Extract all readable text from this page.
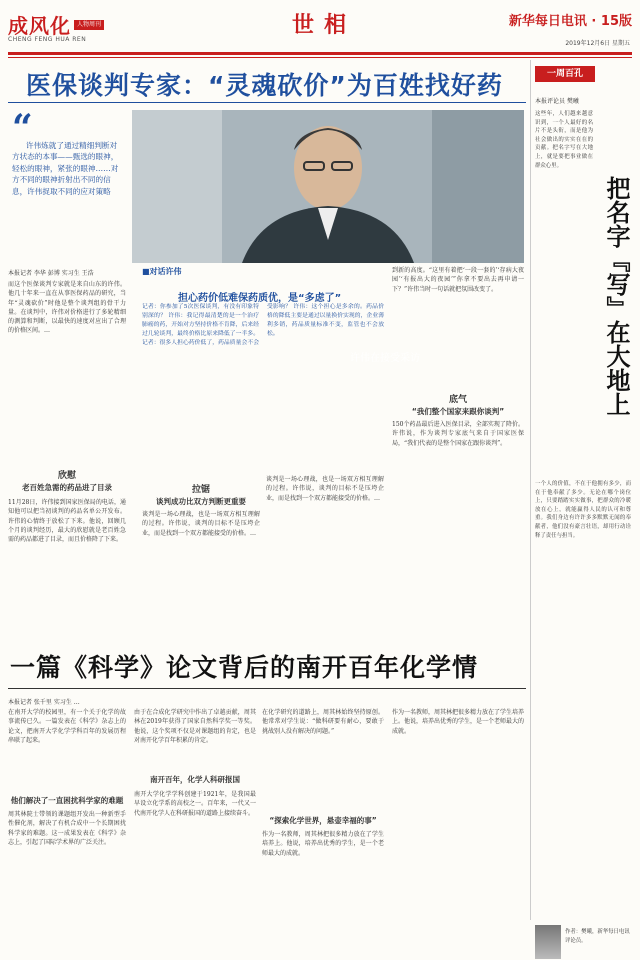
成风化	人物周刊
CHENG FENG HUA REN
世相	新华每日电讯 · 15版
2019年12月6日 星期五
医保谈判专家：“灵魂砍价”为百姓找好药
“
许伟炼就了通过精细判断对方状态的本事——甄选的眼神，轻松的眼神，紧张的眼神……对方不同的眼神折射出不同的信息，许伟捉取不同的应对策略
许伟在接受采访
本报记者 李华 彭博 实习生 王浩
而这个医保谈判专家就是来自山东的许伟。他几十年来一直在从事医保药品的研究，当年“灵魂砍价”时他是整个谈判组的骨干力量。在谈判中，许伟对价格进行了多轮精细的测算和判断，以最快的速度对应出了合理的价格区间。…
欣慰
老百姓急需的药品进了目录
11月28日，许伟接到国家医保局的电话，通知他可以把当初谈判的药品名单公开发布。许伟的心情终于放松了下来。他说，回顾几个月的谈判经历，最大的欣慰就是老百姓急需的药品都进了目录，而且价格降了下来。
■对话许伟
担心药价低难保药质优，是“多虑了”
记者：你参加了5次医保谈判，有没有印象特别深的？ 许伟：我记得最清楚的是一个治疗肺癌的药，开始对方坚持价格不肯降，后来经过几轮谈判，最终价格比原来降低了一半多。记者：很多人担心药价低了，药品质量会不会受影响？ 许伟：这个担心是多余的。药品价格的降低主要是通过以量换价实现的，企业薄利多销，药品质量标准不变，监管也不会放松。
拉锯
谈判成功比双方判断更重要
谈判是一场心理战，也是一场双方相互理解的过程。许伟说，谈判的目标不是压垮企业，而是找到一个双方都能接受的价格。…
谈判是一场心理战，也是一场双方相互理解的过程。许伟说，谈判的目标不是压垮企业，而是找到一个双方都能接受的价格。…
到新的高度。“这里有着把‘一段一套的’‘存病大夜园’‘有报出大的夜园’”你拿不要出去再申请一下？”许伟当时一句话就把氛围改变了。
底气
“我们整个国家来跟你谈判”
150个药品最后进入医保目录，全部实现了降价。许伟说，作为谈判专家底气来自于国家医保局，“我们代表的是整个国家在跟你谈判”。
一篇《科学》论文背后的南开百年化学情
本报记者 张千里 实习生 …
在南开大学的校园里，有一个关于化学的故事流传已久。一篇发表在《科学》杂志上的论文，把南开大学化学学科百年的发展历程串联了起来。
他们解决了一直困扰科学家的难题
周其林院士带领的课题组开发出一种新型手性催化剂，解决了有机合成中一个长期困扰科学家的难题。这一成果发表在《科学》杂志上，引起了国际学术界的广泛关注。
由于在合成化学研究中作出了卓越贡献，周其林在2019年获得了国家自然科学奖一等奖。他说，这个奖项不仅是对课题组的肯定，也是对南开化学百年积累的肯定。
南开百年，化学人科研报国
南开大学化学学科创建于1921年，是我国最早设立化学系的高校之一。百年来，一代又一代南开化学人在科研报国的道路上接续奋斗。
在化学研究的道路上，周其林始终坚持原创。他常常对学生说：“做科研要有耐心，要敢于挑战别人没有解决的问题。”
“探索化学世界，悬壶幸福的事”
作为一名教师，周其林把很多精力放在了学生培养上。他说，培养出优秀的学生，是一个老师最大的成就。
作为一名教师，周其林把很多精力放在了学生培养上。他说，培养出优秀的学生，是一个老师最大的成就。
一周百孔
本报评论员 樊曦
这些年，人们越来越意识到，一个人最好的名片不是头衔，而是他为社会做出的实实在在的贡献。把名字写在大地上，就是要把事业做在群众心里。
把名字『写』在大地上
一个人的价值，不在于他拥有多少，而在于他奉献了多少。无论在哪个岗位上，只要踏踏实实做事，把群众的冷暖放在心上，就能赢得人民的认可和尊重。我们身边有许许多多默默无闻的奉献者，他们没有豪言壮语，却用行动诠释了责任与担当。
作者：樊曦，新华每日电讯评论员。
